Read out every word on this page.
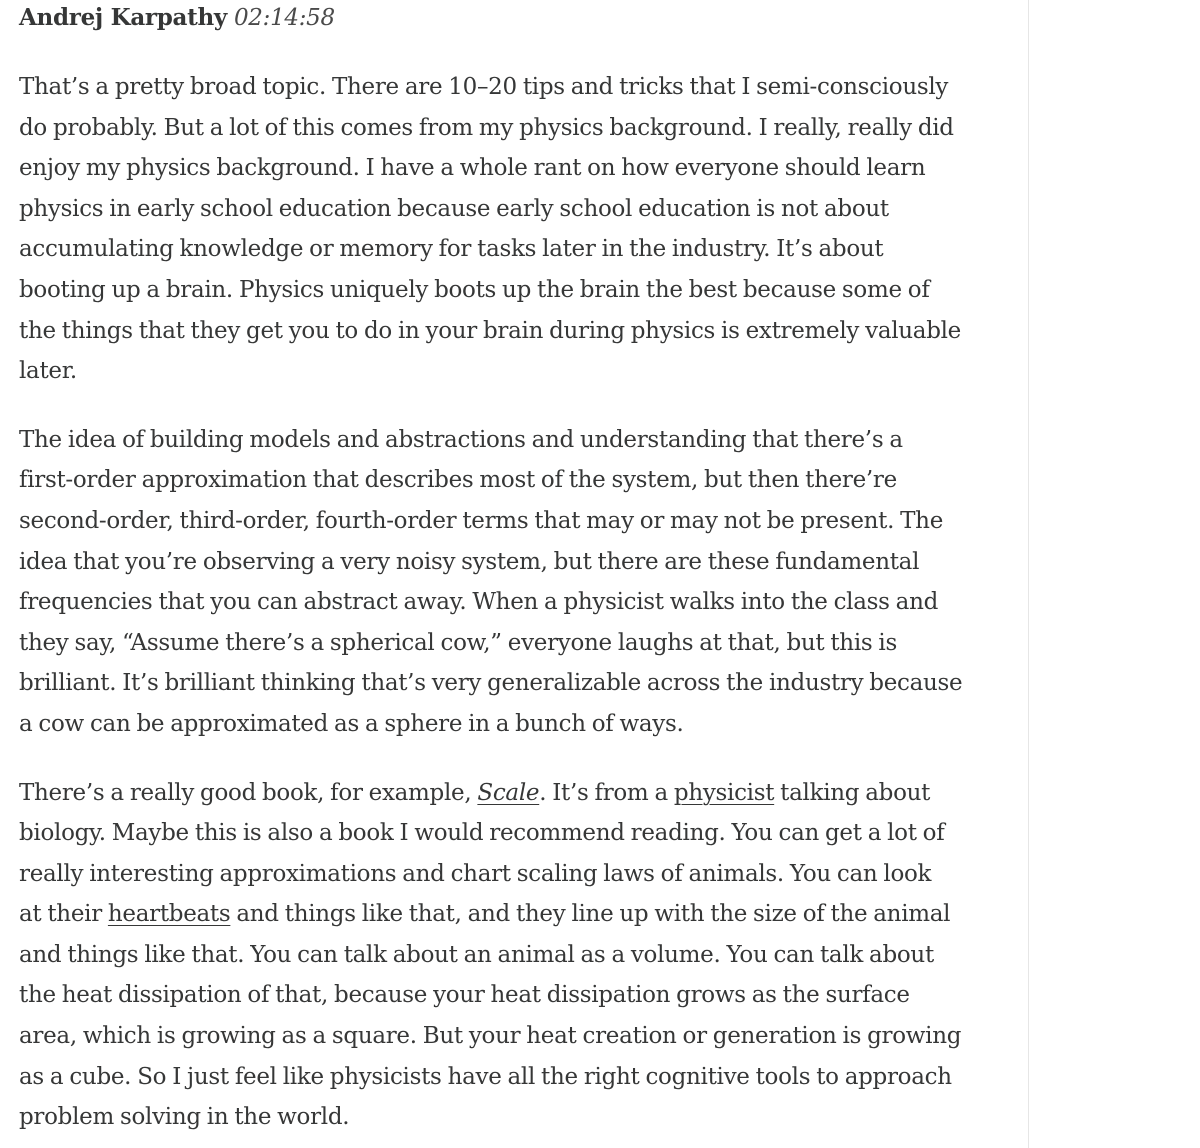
Andrej Karpathy 02:14:58

That’s a pretty broad topic. There are 10–20 tips and tricks that I semi-consciously
do probably. But a lot of this comes from my physics background. I really, really did
enjoy my physics background. I have a whole rant on how everyone should learn
physics in early school education because early school education is not about
accumulating knowledge or memory for tasks later in the industry. It’s about
booting up a brain. Physics uniquely boots up the brain the best because some of
the things that they get you to do in your brain during physics is extremely valuable
later.

The idea of building models and abstractions and understanding that there’s a
first-order approximation that describes most of the system, but then there’re
second-order, third-order, fourth-order terms that may or may not be present. The
idea that you’re observing a very noisy system, but there are these fundamental
frequencies that you can abstract away. When a physicist walks into the class and
they say, “Assume there’s a spherical cow,” everyone laughs at that, but this is
brilliant. It’s brilliant thinking that’s very generalizable across the industry because
a cow can be approximated as a sphere in a bunch of ways.

There’s a really good book, for example, Scale. It’s from a physicist talking about
biology. Maybe this is also a book I would recommend reading. You can get a lot of
really interesting approximations and chart scaling laws of animals. You can look
at their heartbeats and things like that, and they line up with the size of the animal
and things like that. You can talk about an animal as a volume. You can talk about
the heat dissipation of that, because your heat dissipation grows as the surface
area, which is growing as a square. But your heat creation or generation is growing
as a cube. So I just feel like physicists have all the right cognitive tools to approach
problem solving in the world.
